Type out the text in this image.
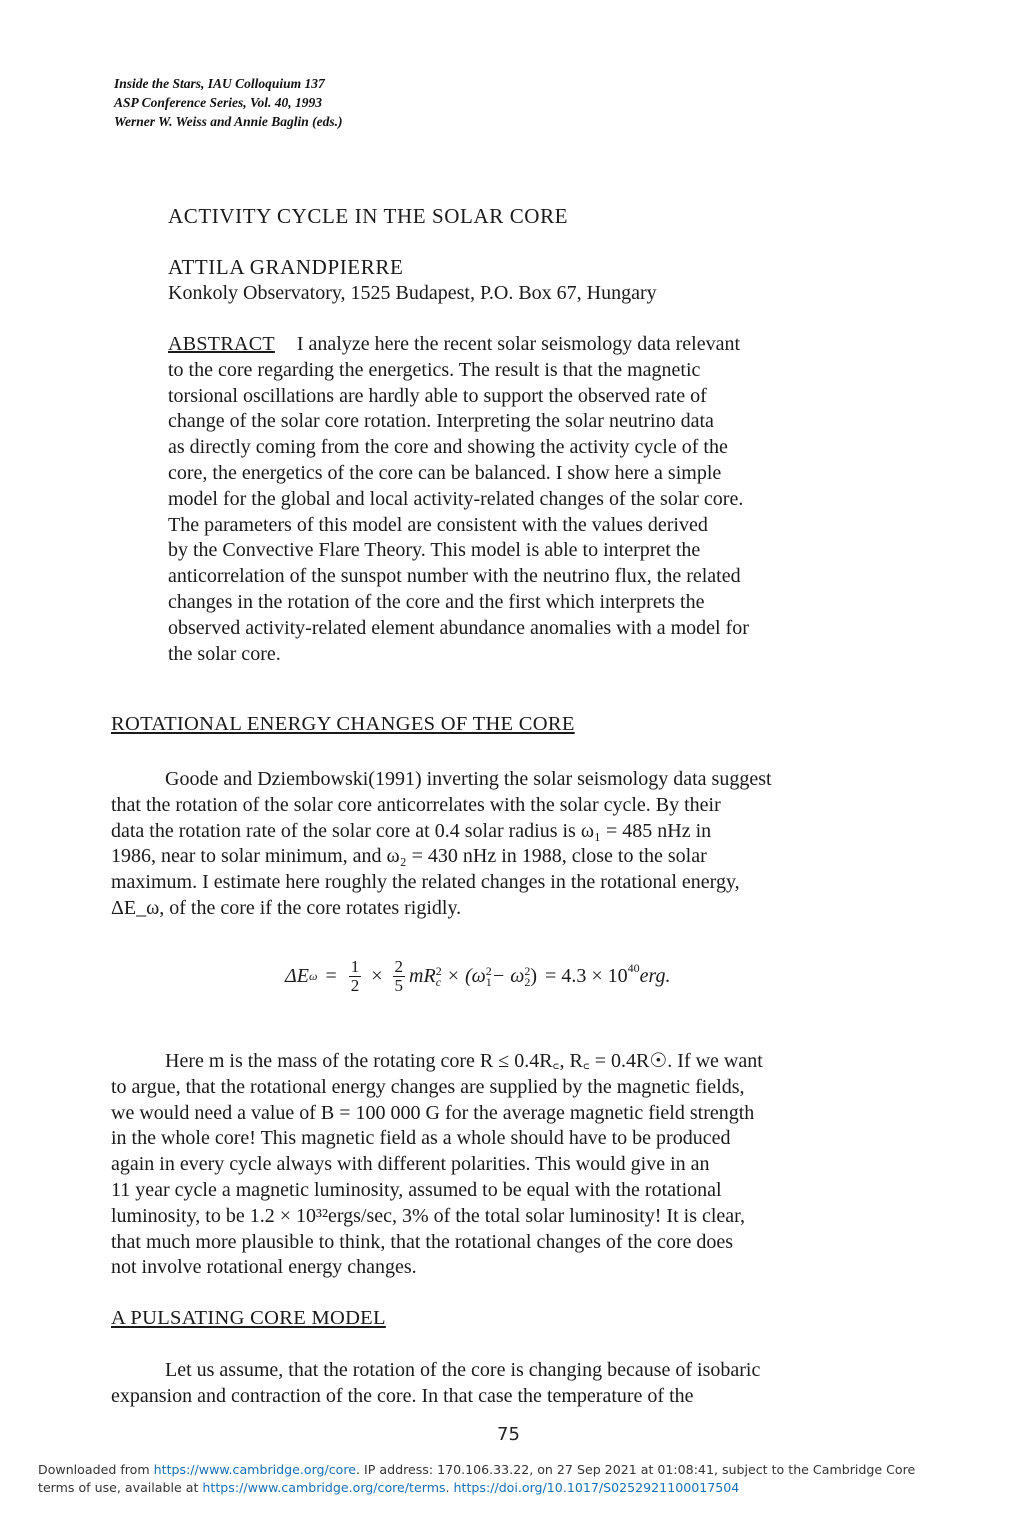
Inside the Stars, IAU Colloquium 137
ASP Conference Series, Vol. 40, 1993
Werner W. Weiss and Annie Baglin (eds.)
ACTIVITY CYCLE IN THE SOLAR CORE
ATTILA GRANDPIERRE
Konkoly Observatory, 1525 Budapest, P.O. Box 67, Hungary
ABSTRACT I analyze here the recent solar seismology data relevant
to the core regarding the energetics. The result is that the magnetic
torsional oscillations are hardly able to support the observed rate of
change of the solar core rotation. Interpreting the solar neutrino data
as directly coming from the core and showing the activity cycle of the
core, the energetics of the core can be balanced. I show here a simple
model for the global and local activity-related changes of the solar core.
The parameters of this model are consistent with the values derived
by the Convective Flare Theory. This model is able to interpret the
anticorrelation of the sunspot number with the neutrino flux, the related
changes in the rotation of the core and the first which interprets the
observed activity-related element abundance anomalies with a model for
the solar core.
ROTATIONAL ENERGY CHANGES OF THE CORE
Goode and Dziembowski(1991) inverting the solar seismology data suggest
that the rotation of the solar core anticorrelates with the solar cycle. By their
data the rotation rate of the solar core at 0.4 solar radius is ω₁ = 485 nHz in
1986, near to solar minimum, and ω₂ = 430 nHz in 1988, close to the solar
maximum. I estimate here roughly the related changes in the rotational energy,
ΔE_ω, of the core if the core rotates rigidly.
ΔE $\omega = \frac{1}{2} \times \frac{2}{5}$ m R 2
c × (ω 2
1 − ω 2
2 ) = $4.3 \times 10^{40}$ erg.
Here m is the mass of the rotating core R ≤ 0.4R꜀, R꜀ = 0.4R☉. If we want
to argue, that the rotational energy changes are supplied by the magnetic fields,
we would need a value of B = 100 000 G for the average magnetic field strength
in the whole core! This magnetic field as a whole should have to be produced
again in every cycle always with different polarities. This would give in an
11 year cycle a magnetic luminosity, assumed to be equal with the rotational
luminosity, to be 1.2 × 10³²ergs/sec, 3% of the total solar luminosity! It is clear,
that much more plausible to think, that the rotational changes of the core does
not involve rotational energy changes.
A PULSATING CORE MODEL
Let us assume, that the rotation of the core is changing because of isobaric
expansion and contraction of the core. In that case the temperature of the
75
Downloaded from https://www.cambridge.org/core. IP address: 170.106.33.22, on 27 Sep 2021 at 01:08:41, subject to the Cambridge Core
terms of use, available at https://www.cambridge.org/core/terms. https://doi.org/10.1017/S0252921100017504
